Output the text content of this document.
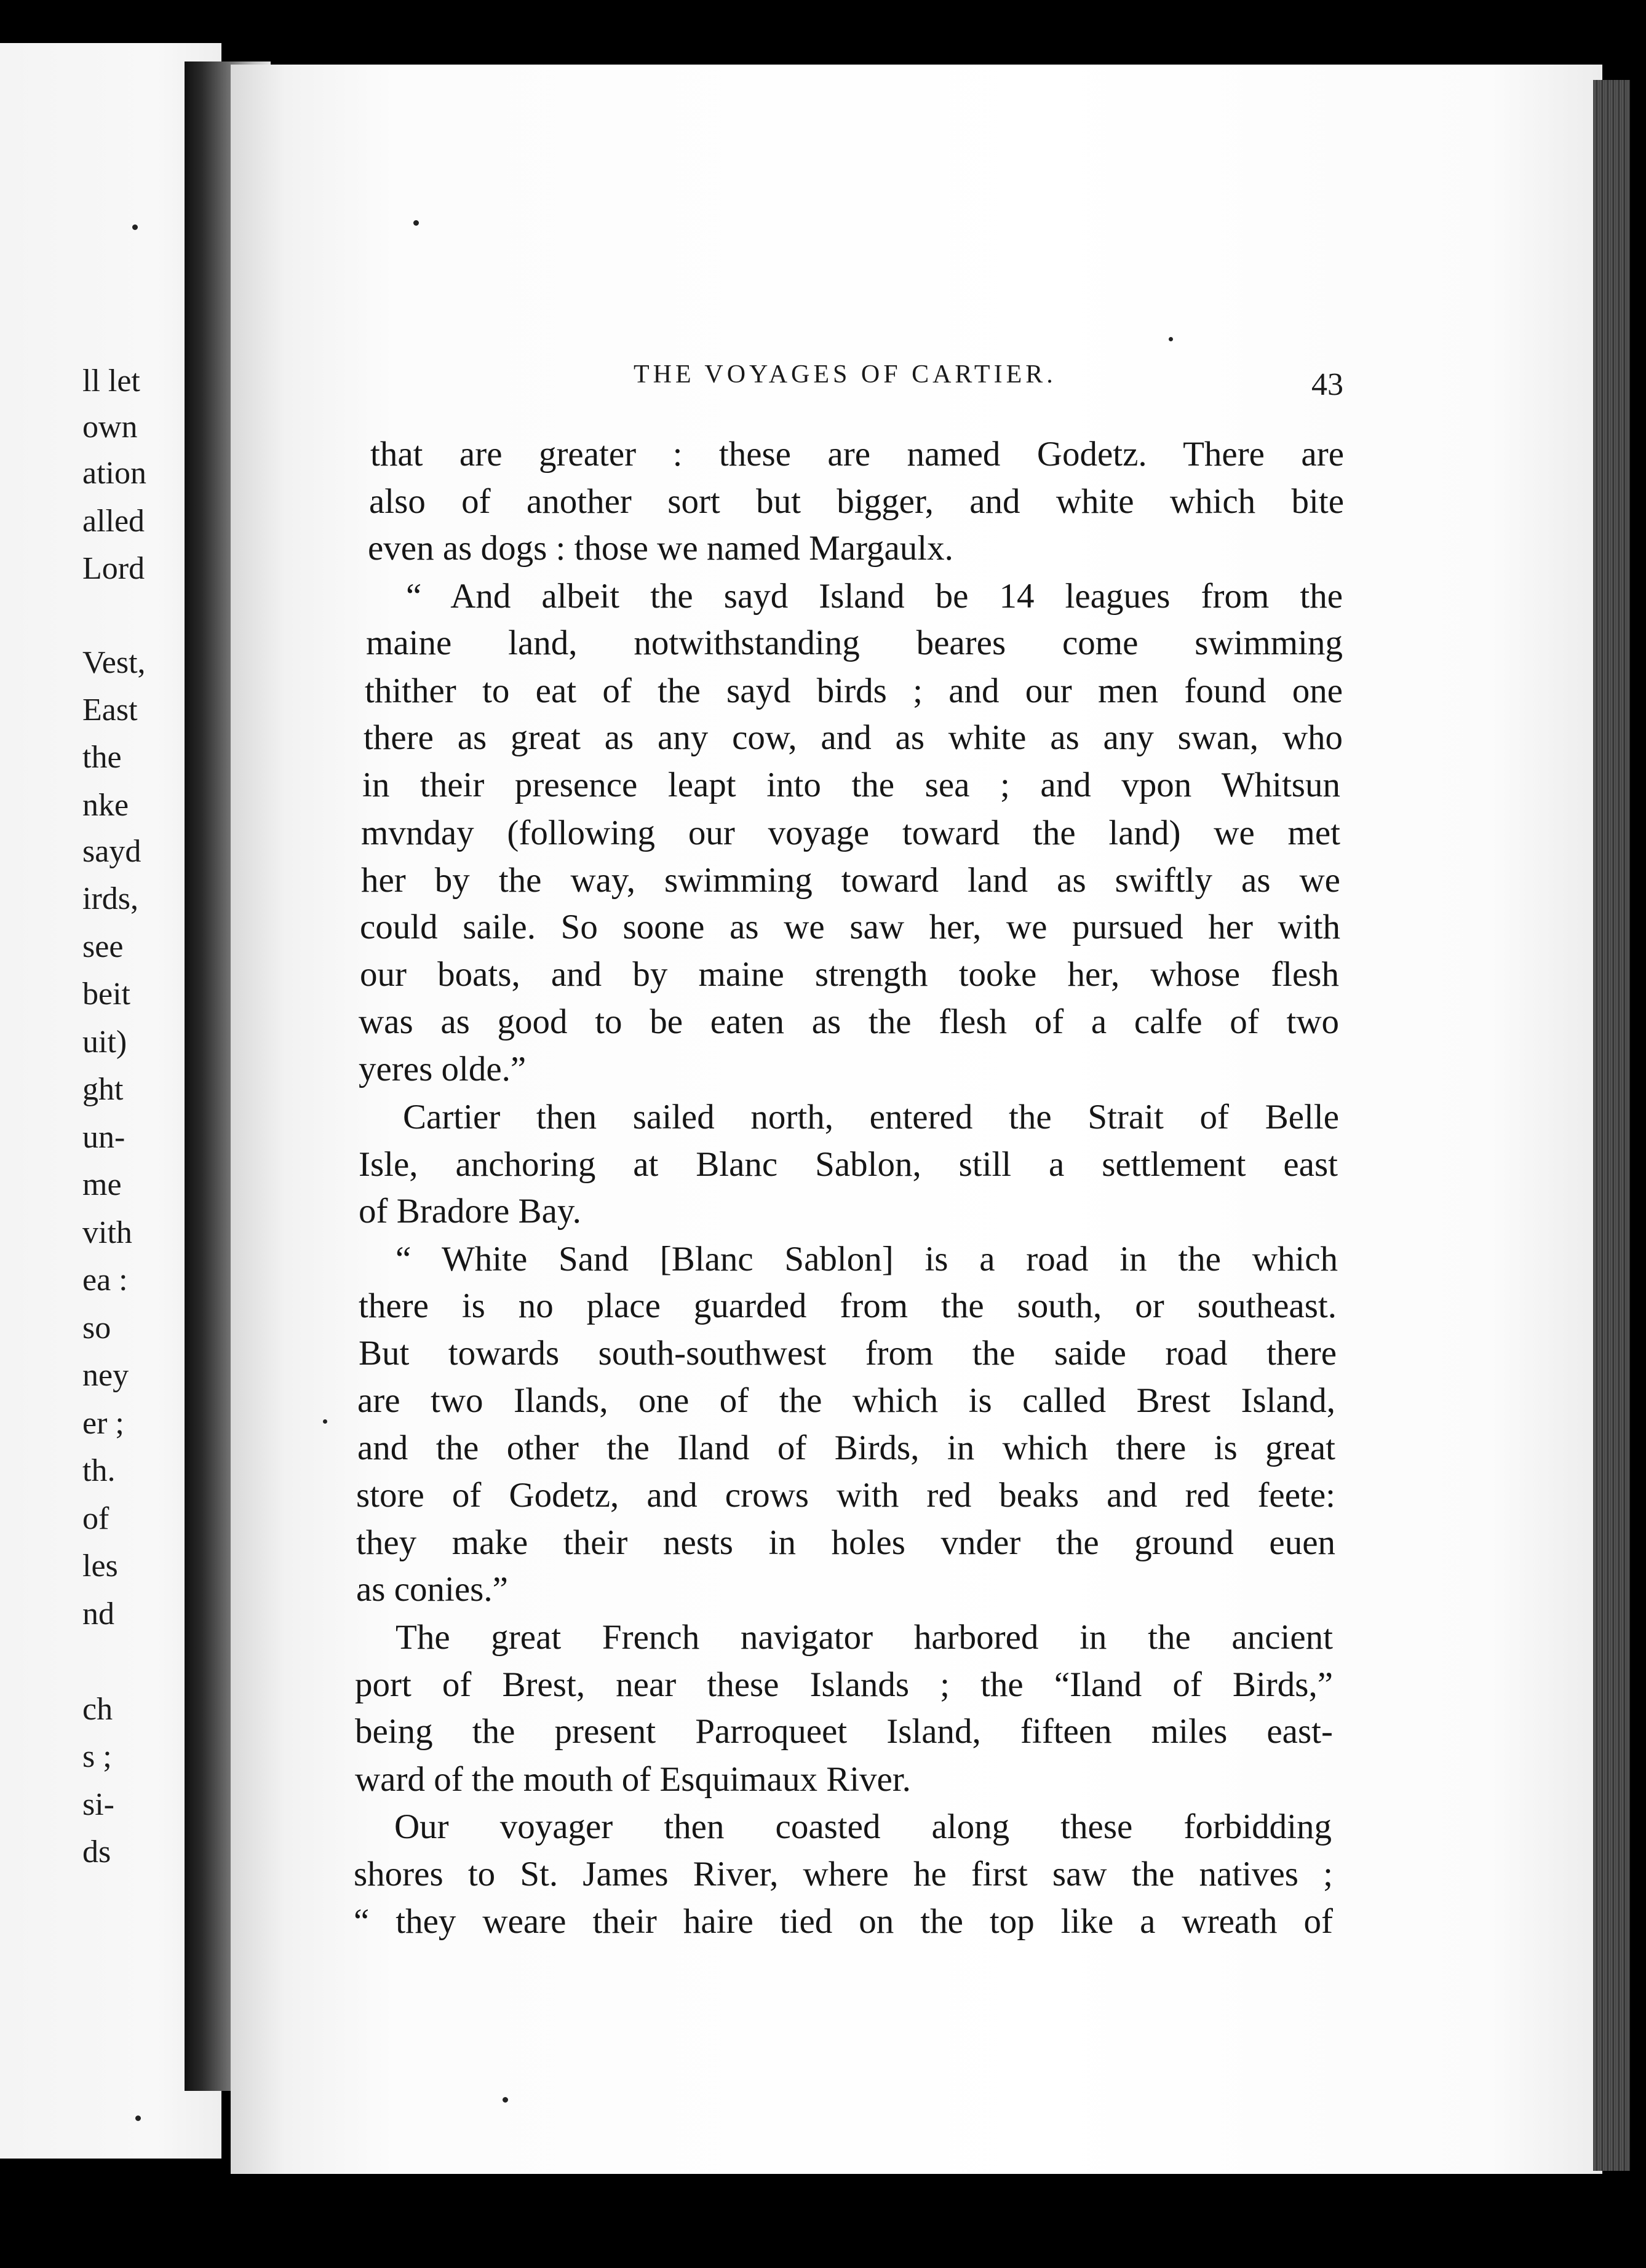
ll let
own
ation
alled
Lord
Vest,
East
the
nke
sayd
irds,
see
beit
uit)
ght
un-
me
vith
ea :
so
ney
er ;
th.
of
les
nd
ch
s ;
si-
ds
THE VOYAGES OF CARTIER.	43
that are greater : these are named Godetz. There are
also of another sort but bigger, and white which bite
even as dogs : those we named Margaulx.
“ And albeit the sayd Island be 14 leagues from the
maine land, notwithstanding beares come swimming
thither to eat of the sayd birds ; and our men found one
there as great as any cow, and as white as any swan, who
in their presence leapt into the sea ; and vpon Whitsun
mvnday (following our voyage toward the land) we met
her by the way, swimming toward land as swiftly as we
could saile. So soone as we saw her, we pursued her with
our boats, and by maine strength tooke her, whose flesh
was as good to be eaten as the flesh of a calfe of two
yeres olde.”
Cartier then sailed north, entered the Strait of Belle
Isle, anchoring at Blanc Sablon, still a settlement east
of Bradore Bay.
“ White Sand [Blanc Sablon] is a road in the which
there is no place guarded from the south, or southeast.
But towards south-southwest from the saide road there
are two Ilands, one of the which is called Brest Island,
and the other the Iland of Birds, in which there is great
store of Godetz, and crows with red beaks and red feete:
they make their nests in holes vnder the ground euen
as conies.”
The great French navigator harbored in the ancient
port of Brest, near these Islands ; the “Iland of Birds,”
being the present Parroqueet Island, fifteen miles east-
ward of the mouth of Esquimaux River.
Our voyager then coasted along these forbidding
shores to St. James River, where he first saw the natives ;
“ they weare their haire tied on the top like a wreath of
